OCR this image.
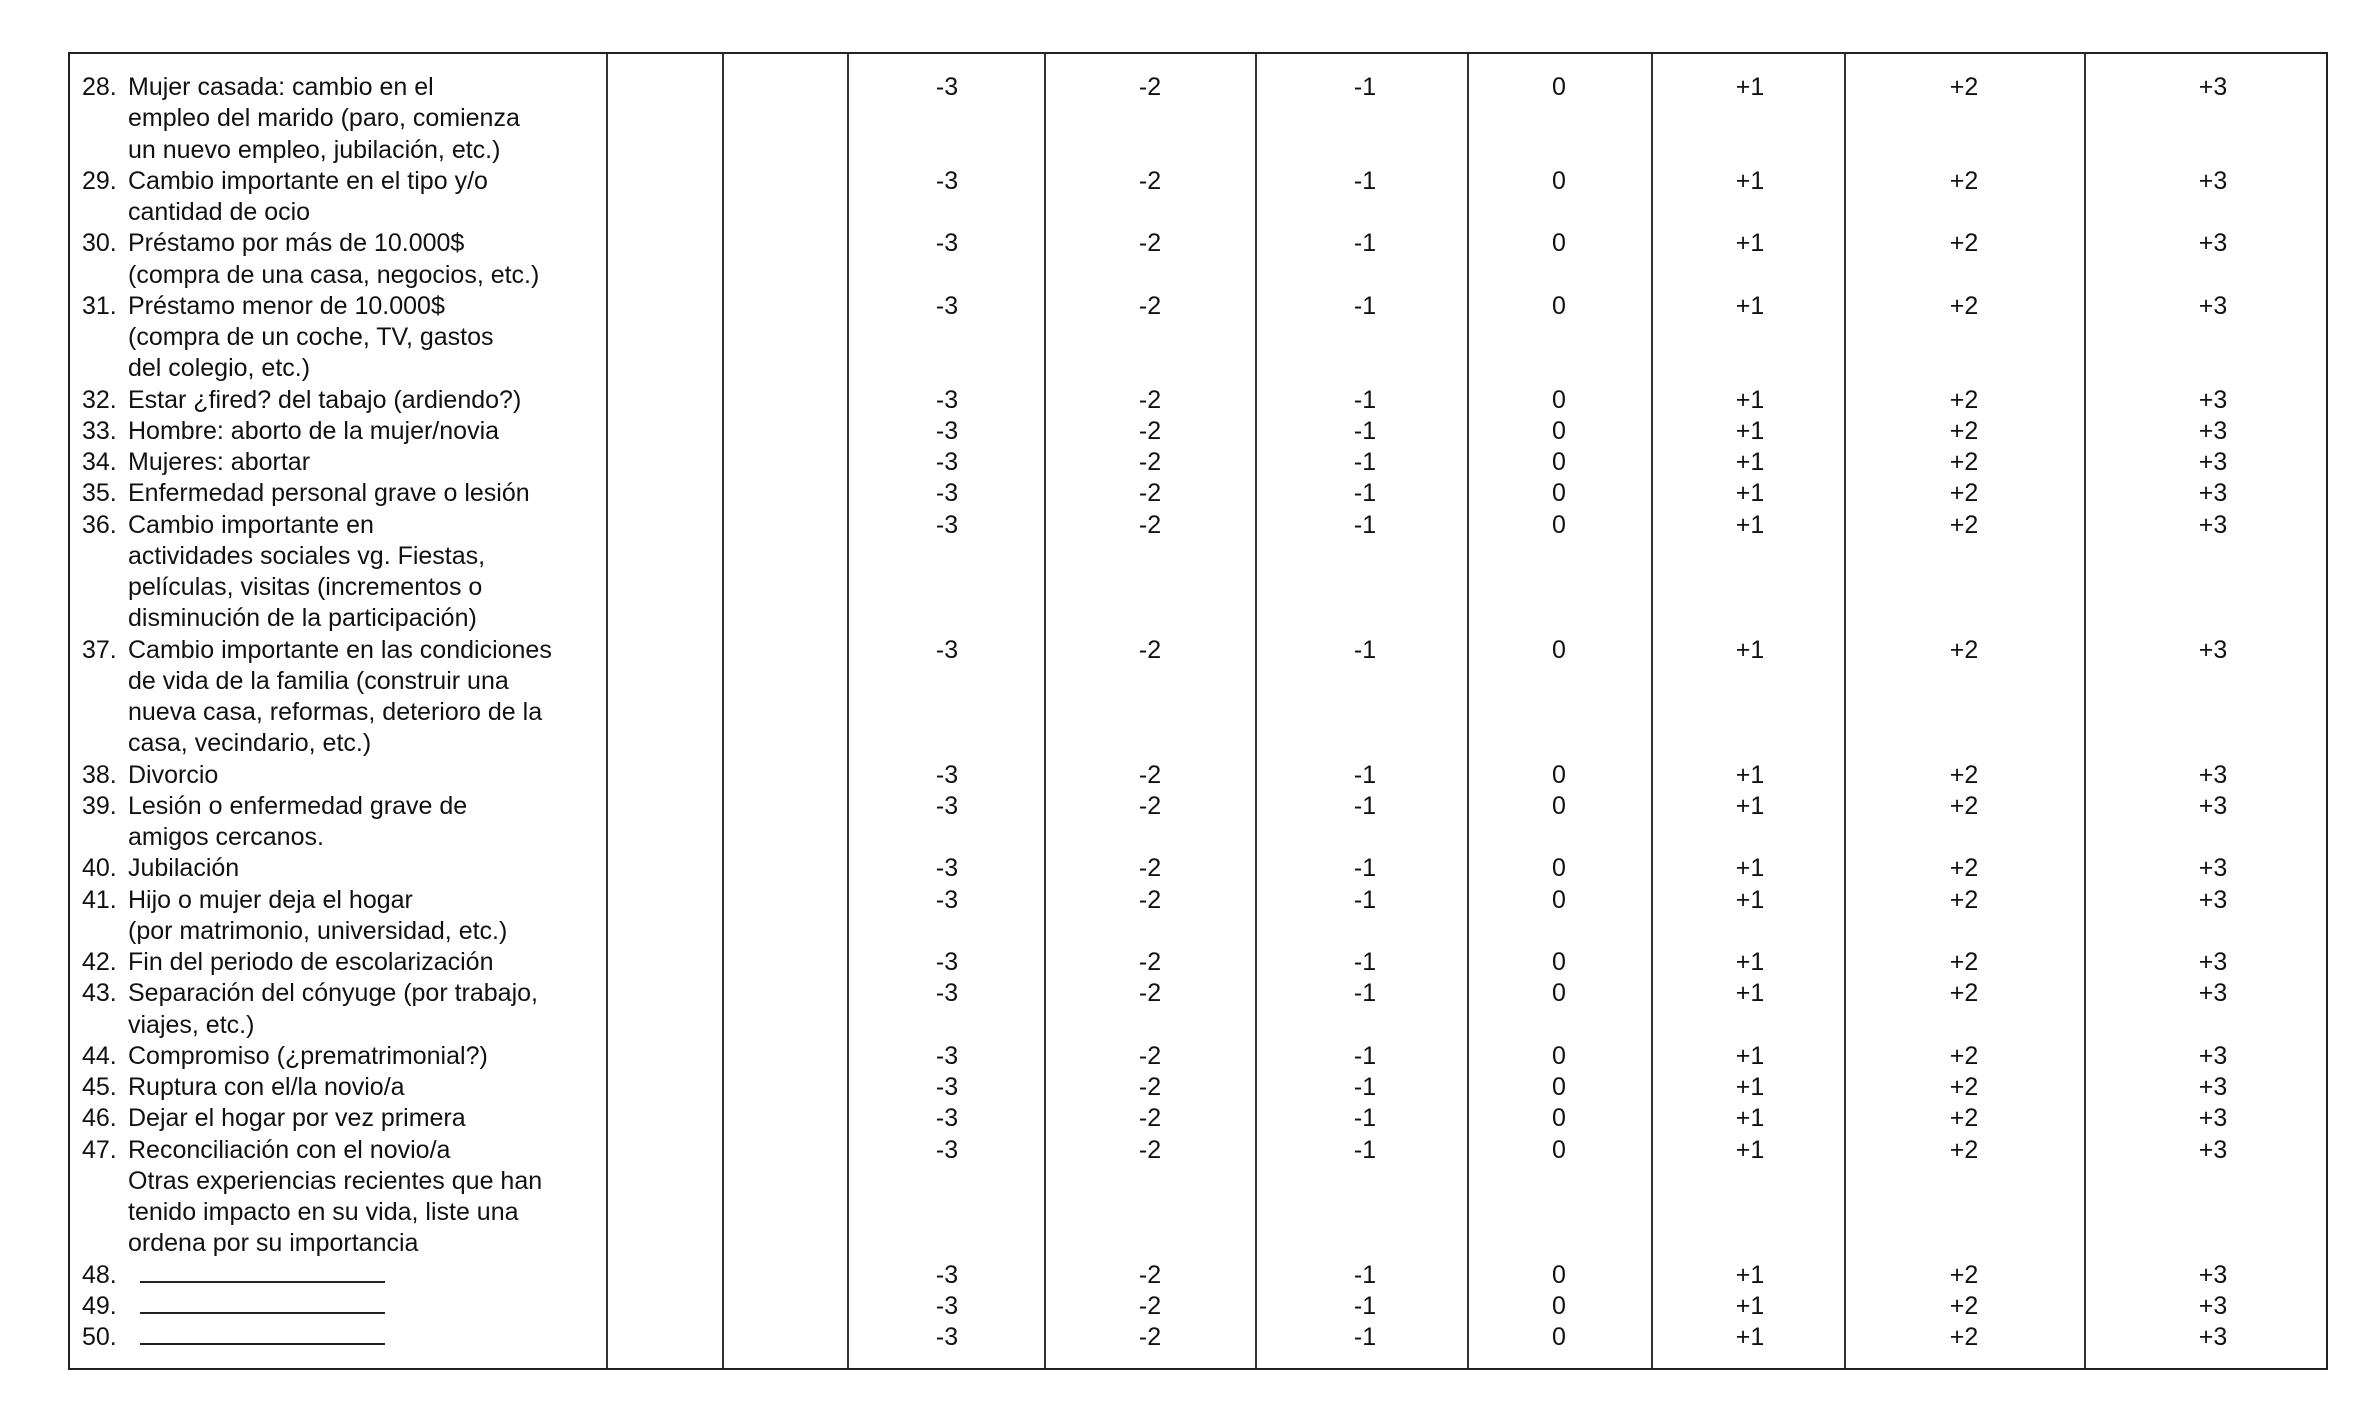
28. Mujer casada: cambio en el
empleo del marido (paro, comienza
un nuevo empleo, jubilación, etc.)
-3	-2	-1	0	+1	+2	+3
29. Cambio importante en el tipo y/o
cantidad de ocio
-3	-2	-1	0	+1	+2	+3
30. Préstamo por más de 10.000$
(compra de una casa, negocios, etc.)
-3	-2	-1	0	+1	+2	+3
31. Préstamo menor de 10.000$
(compra de un coche, TV, gastos
del colegio, etc.)
-3	-2	-1	0	+1	+2	+3
32. Estar ¿fired? del tabajo (ardiendo?)	-3	-2	-1	0	+1	+2	+3
33. Hombre: aborto de la mujer/novia	-3	-2	-1	0	+1	+2	+3
34. Mujeres: abortar	-3	-2	-1	0	+1	+2	+3
35. Enfermedad personal grave o lesión	-3	-2	-1	0	+1	+2	+3
36. Cambio importante en
actividades sociales vg. Fiestas,
películas, visitas (incrementos o
disminución de la participación)
-3	-2	-1	0	+1	+2	+3
37. Cambio importante en las condiciones
de vida de la familia (construir una
nueva casa, reformas, deterioro de la
casa, vecindario, etc.)
-3	-2	-1	0	+1	+2	+3
38. Divorcio	-3	-2	-1	0	+1	+2	+3
39. Lesión o enfermedad grave de
amigos cercanos.
-3	-2	-1	0	+1	+2	+3
40. Jubilación	-3	-2	-1	0	+1	+2	+3
41. Hijo o mujer deja el hogar
(por matrimonio, universidad, etc.)
-3	-2	-1	0	+1	+2	+3
42. Fin del periodo de escolarización	-3	-2	-1	0	+1	+2	+3
43. Separación del cónyuge (por trabajo,
viajes, etc.)
-3	-2	-1	0	+1	+2	+3
44. Compromiso (¿prematrimonial?)	-3	-2	-1	0	+1	+2	+3
45. Ruptura con el/la novio/a	-3	-2	-1	0	+1	+2	+3
46. Dejar el hogar por vez primera	-3	-2	-1	0	+1	+2	+3
47. Reconciliación con el novio/a	-3	-2	-1	0	+1	+2	+3
Otras experiencias recientes que han
tenido impacto en su vida, liste una
ordena por su importancia
48.	-3	-2	-1	0	+1	+2	+3
49.	-3	-2	-1	0	+1	+2	+3
50.	-3	-2	-1	0	+1	+2	+3
